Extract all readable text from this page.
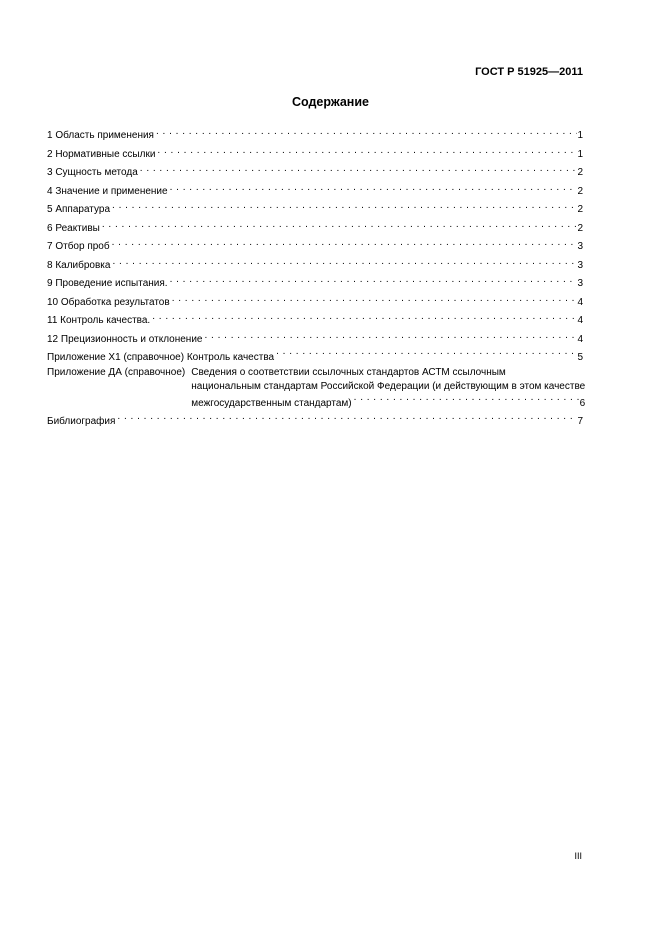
ГОСТ Р 51925—2011
Содержание
1 Область применения . . .	1
2 Нормативные ссылки . . .	1
3 Сущность метода . . .	2
4 Значение и применение . . .	2
5 Аппаратура . . .	2
6 Реактивы . . .	2
7 Отбор проб . . .	3
8 Калибровка . . .	3
9 Проведение испытания. . . .	3
10 Обработка результатов . . .	4
11 Контроль качества. . . .	4
12 Прецизионность и отклонение . . .	4
Приложение X1 (справочное) Контроль качества . . .	5
Приложение ДА (справочное) Сведения о соответствии ссылочных стандартов АСТМ ссылочным
национальным стандартам Российской Федерации (и действующим в этом качестве
межгосударственным стандартам) . . .	6
Библиография . . .	7
III
